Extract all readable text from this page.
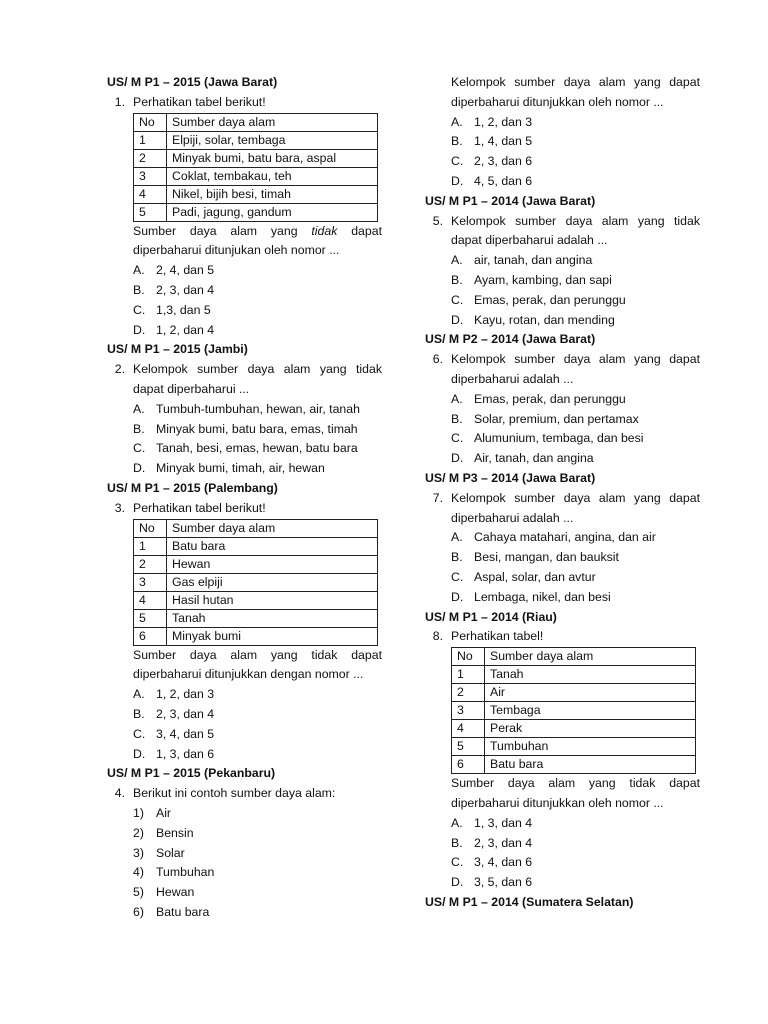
US/ M P1 – 2015 (Jawa Barat)
1. Perhatikan tabel berikut!
No	Sumber daya alam
1	Elpiji, solar, tembaga
2	Minyak bumi, batu bara, aspal
3	Coklat, tembakau, teh
4	Nikel, bijih besi, timah
5	Padi, jagung, gandum
Sumber daya alam yang tidak dapat
diperbaharui ditunjukan oleh nomor ...
A. 2, 4, dan 5
B. 2, 3, dan 4
C. 1,3, dan 5
D. 1, 2, dan 4
US/ M P1 – 2015 (Jambi)
2. Kelompok sumber daya alam yang tidak
dapat diperbaharui ...
A. Tumbuh-tumbuhan, hewan, air, tanah
B. Minyak bumi, batu bara, emas, timah
C. Tanah, besi, emas, hewan, batu bara
D. Minyak bumi, timah, air, hewan
US/ M P1 – 2015 (Palembang)
3. Perhatikan tabel berikut!
No	Sumber daya alam
1	Batu bara
2	Hewan
3	Gas elpiji
4	Hasil hutan
5	Tanah
6	Minyak bumi
Sumber daya alam yang tidak dapat
diperbaharui ditunjukkan dengan nomor ...
A. 1, 2, dan 3
B. 2, 3, dan 4
C. 3, 4, dan 5
D. 1, 3, dan 6
US/ M P1 – 2015 (Pekanbaru)
4. Berikut ini contoh sumber daya alam:
1) Air
2) Bensin
3) Solar
4) Tumbuhan
5) Hewan
6) Batu bara
Kelompok sumber daya alam yang dapat
diperbaharui ditunjukkan oleh nomor ...
A. 1, 2, dan 3
B. 1, 4, dan 5
C. 2, 3, dan 6
D. 4, 5, dan 6
US/ M P1 – 2014 (Jawa Barat)
5. Kelompok sumber daya alam yang tidak
dapat diperbaharui adalah ...
A. air, tanah, dan angina
B. Ayam, kambing, dan sapi
C. Emas, perak, dan perunggu
D. Kayu, rotan, dan mending
US/ M P2 – 2014 (Jawa Barat)
6. Kelompok sumber daya alam yang dapat
diperbaharui adalah ...
A. Emas, perak, dan perunggu
B. Solar, premium, dan pertamax
C. Alumunium, tembaga, dan besi
D. Air, tanah, dan angina
US/ M P3 – 2014 (Jawa Barat)
7. Kelompok sumber daya alam yang dapat
diperbaharui adalah ...
A. Cahaya matahari, angina, dan air
B. Besi, mangan, dan bauksit
C. Aspal, solar, dan avtur
D. Lembaga, nikel, dan besi
US/ M P1 – 2014 (Riau)
8. Perhatikan tabel!
No	Sumber daya alam
1	Tanah
2	Air
3	Tembaga
4	Perak
5	Tumbuhan
6	Batu bara
Sumber daya alam yang tidak dapat
diperbaharui ditunjukkan oleh nomor ...
A. 1, 3, dan 4
B. 2, 3, dan 4
C. 3, 4, dan 6
D. 3, 5, dan 6
US/ M P1 – 2014 (Sumatera Selatan)
